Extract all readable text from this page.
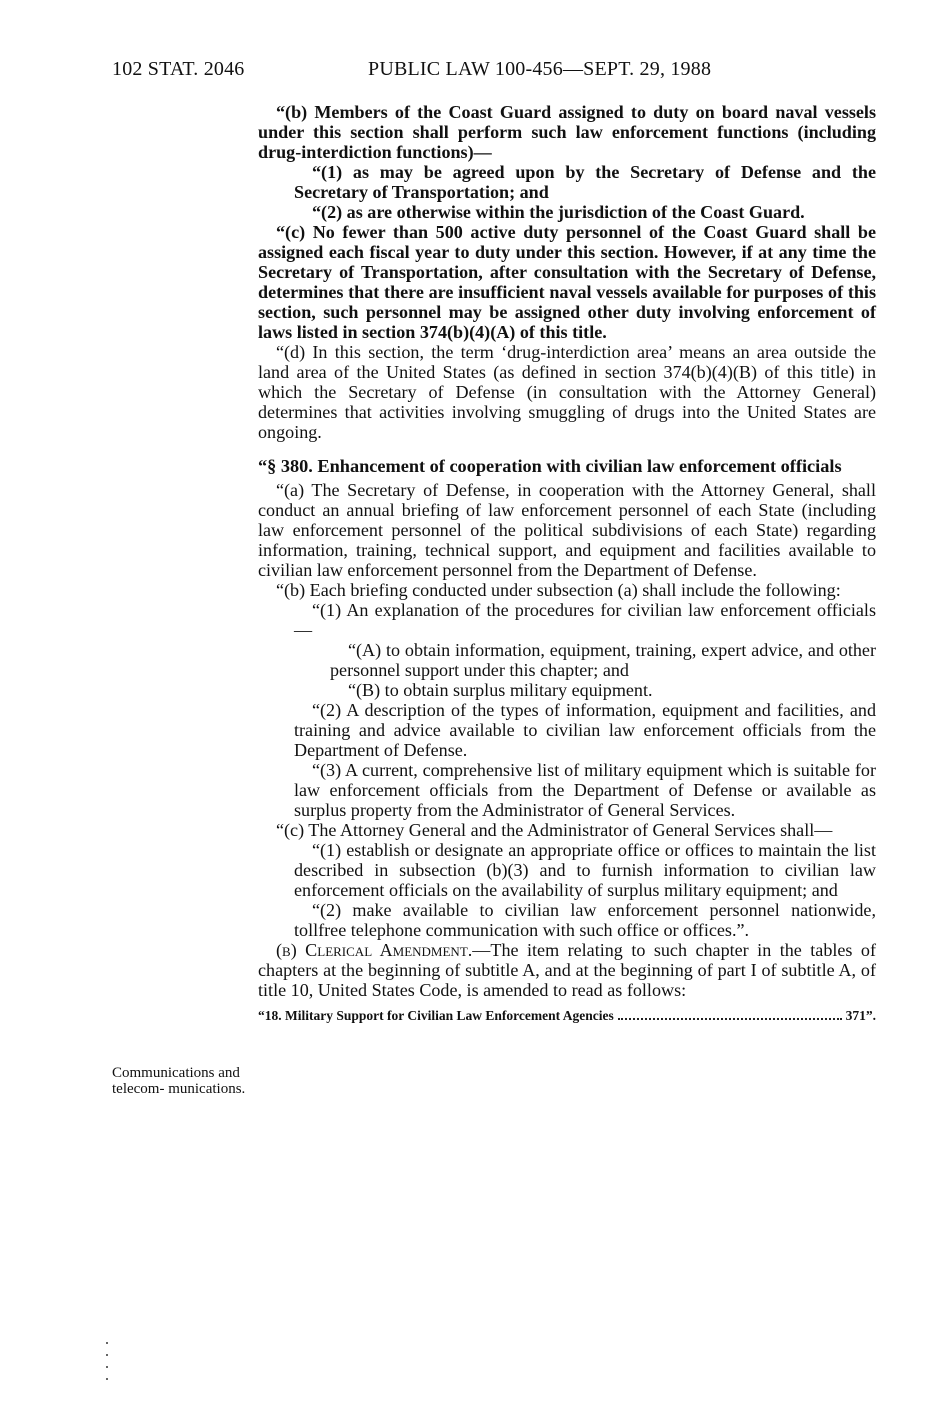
102 STAT. 2046	PUBLIC LAW 100-456—SEPT. 29, 1988
Communications and telecom- munications.

“(b) Members of the Coast Guard assigned to duty on board naval vessels under this section shall perform such law enforcement functions (including drug-interdiction functions)—

“(1) as may be agreed upon by the Secretary of Defense and the Secretary of Transportation; and

“(2) as are otherwise within the jurisdiction of the Coast Guard.

“(c) No fewer than 500 active duty personnel of the Coast Guard shall be assigned each fiscal year to duty under this section. However, if at any time the Secretary of Transportation, after consultation with the Secretary of Defense, determines that there are insufficient naval vessels available for purposes of this section, such personnel may be assigned other duty involving enforcement of laws listed in section 374(b)(4)(A) of this title.

“(d) In this section, the term ‘drug-interdiction area’ means an area outside the land area of the United States (as defined in section 374(b)(4)(B) of this title) in which the Secretary of Defense (in consultation with the Attorney General) determines that activities involving smuggling of drugs into the United States are ongoing.

“§ 380. Enhancement of cooperation with civilian law enforcement officials

“(a) The Secretary of Defense, in cooperation with the Attorney General, shall conduct an annual briefing of law enforcement personnel of each State (including law enforcement personnel of the political subdivisions of each State) regarding information, training, technical support, and equipment and facilities available to civilian law enforcement personnel from the Department of Defense.

“(b) Each briefing conducted under subsection (a) shall include the following:

“(1) An explanation of the procedures for civilian law enforcement officials—

“(A) to obtain information, equipment, training, expert advice, and other personnel support under this chapter; and

“(B) to obtain surplus military equipment.

“(2) A description of the types of information, equipment and facilities, and training and advice available to civilian law enforcement officials from the Department of Defense.

“(3) A current, comprehensive list of military equipment which is suitable for law enforcement officials from the Department of Defense or available as surplus property from the Administrator of General Services.

“(c) The Attorney General and the Administrator of General Services shall—

“(1) establish or designate an appropriate office or offices to maintain the list described in subsection (b)(3) and to furnish information to civilian law enforcement officials on the availability of surplus military equipment; and

“(2) make available to civilian law enforcement personnel nationwide, tollfree telephone communication with such office or offices.”.

(b) Clerical Amendment.—The item relating to such chapter in the tables of chapters at the beginning of subtitle A, and at the beginning of part I of subtitle A, of title 10, United States Code, is amended to read as follows:

“18. Military Support for Civilian Law Enforcement Agencies	371”.
